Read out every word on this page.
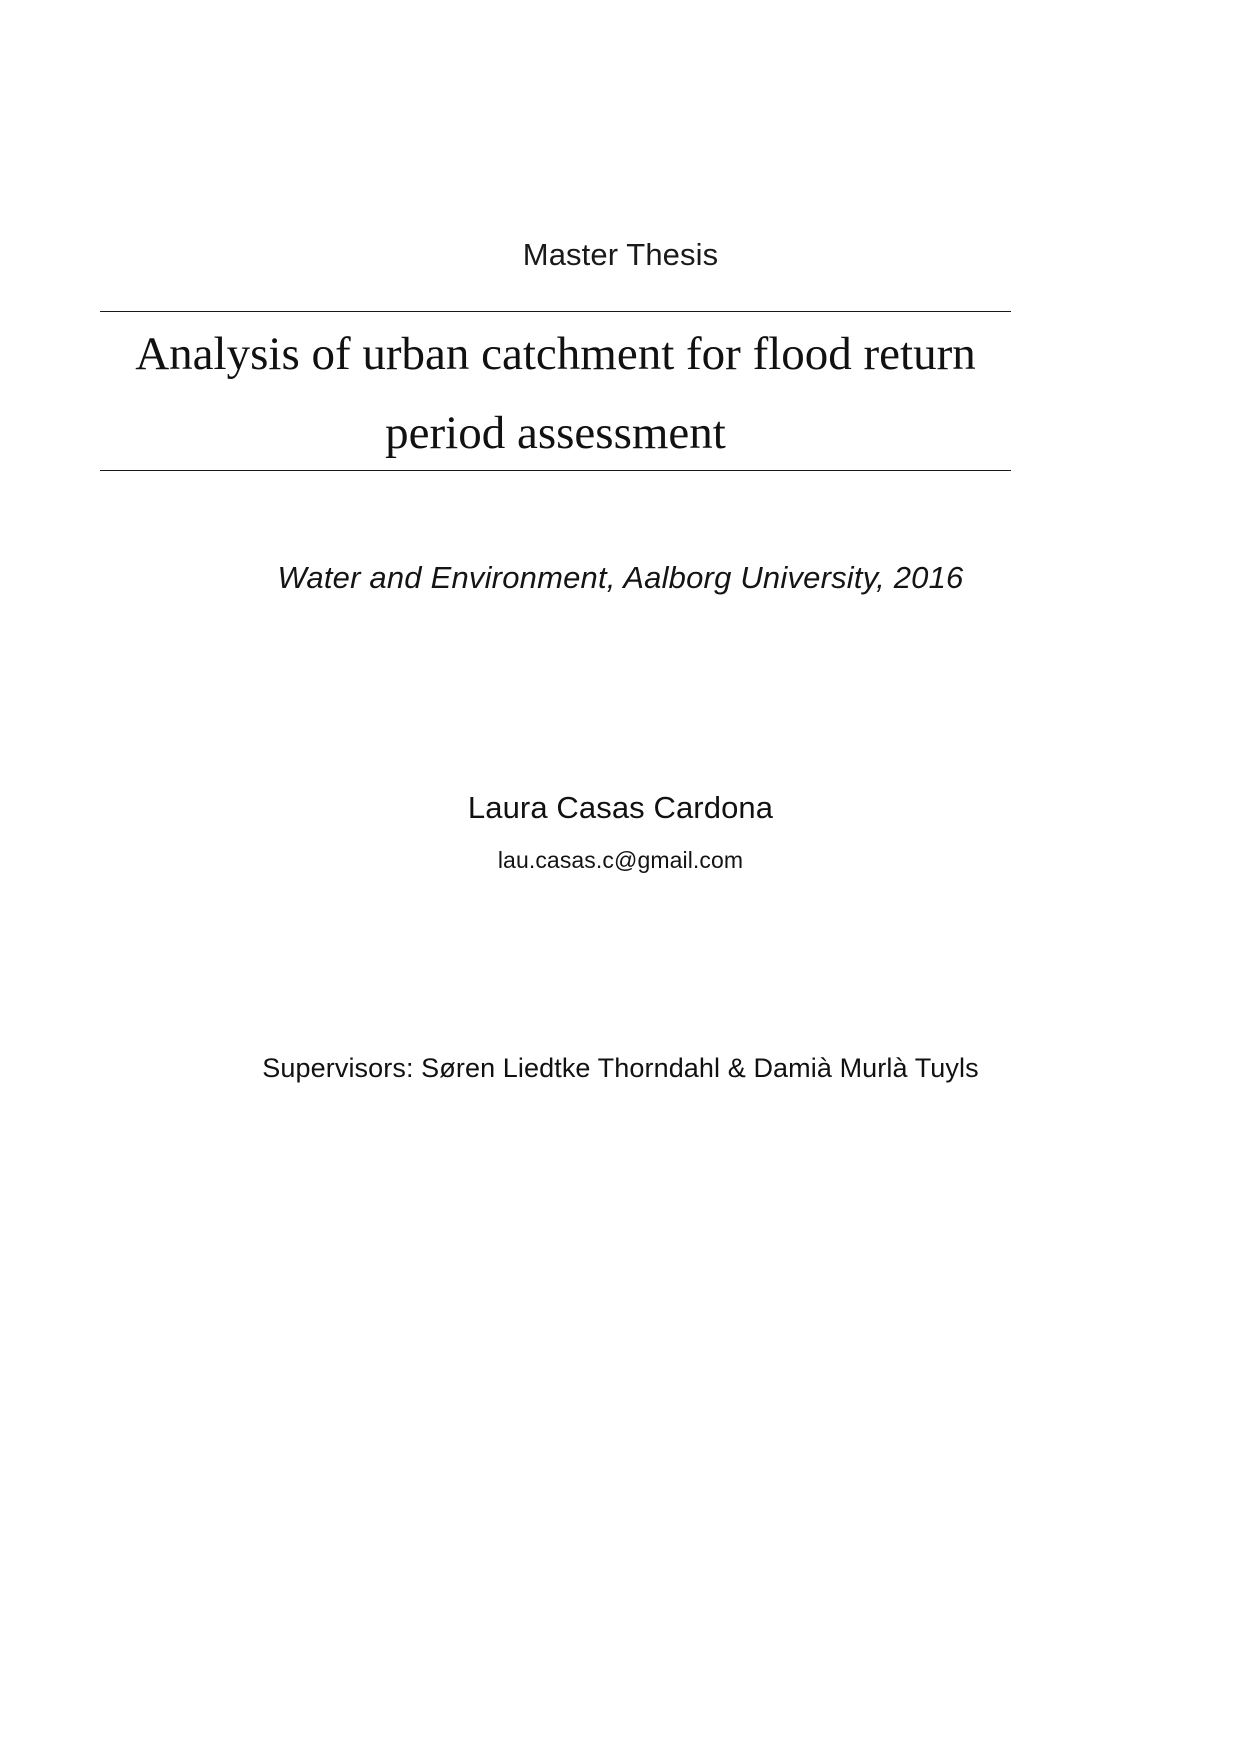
Master Thesis
Analysis of urban catchment for flood return
period assessment
Water and Environment, Aalborg University, 2016
Laura Casas Cardona
lau.casas.c@gmail.com
Supervisors: Søren Liedtke Thorndahl & Damià Murlà Tuyls
